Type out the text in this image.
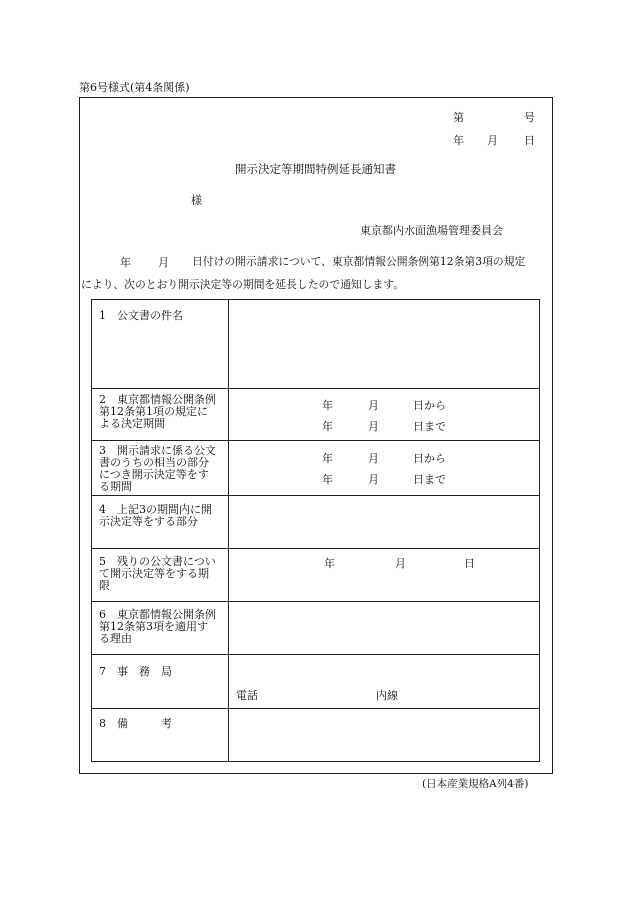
第6号様式(第4条関係)
第	号
年 月 日
開示決定等期間特例延長通知書
様
東京都内水面漁場管理委員会
年 月 日付けの開示請求について、東京都情報公開条例第12条第3項の規定
により、次のとおり開示決定等の期間を延長したので通知します。
1 公文書の件名
2 東京都情報公開条例
第12条第1項の規定に
よる決定期間
年	月	日から
年	月	日まで
3 開示請求に係る公文
書のうちの相当の部分
につき開示決定等をす
る期間
年	月	日から
年	月	日まで
4 上記3の期間内に開
示決定等をする部分
5 残りの公文書につい
て開示決定等をする期
限
年	月	日
6 東京都情報公開条例
第12条第3項を適用す
る理由
7 事　務　局
電話	内線
8 備　　　考
(日本産業規格A列4番)
